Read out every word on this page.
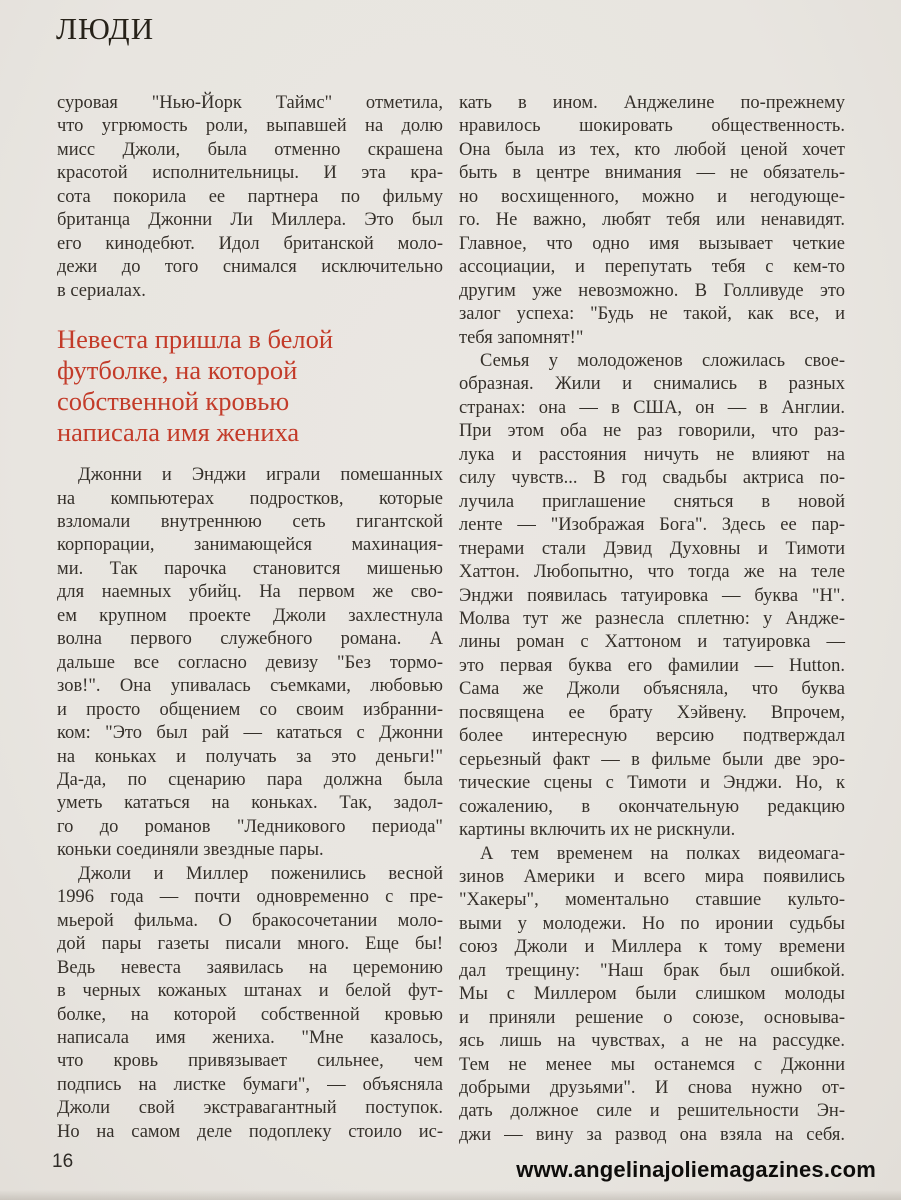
ЛЮДИ
суровая "Нью-Йорк Таймс" отметила,
что угрюмость роли, выпавшей на долю
мисс Джоли, была отменно скрашена
красотой исполнительницы. И эта кра-
сота покорила ее партнера по фильму
британца Джонни Ли Миллера. Это был
его кинодебют. Идол британской моло-
дежи до того снимался исключительно
в сериалах.
Невеста пришла в белой
футболке, на которой
собственной кровью
написала имя жениха
Джонни и Энджи играли помешанных
на компьютерах подростков, которые
взломали внутреннюю сеть гигантской
корпорации, занимающейся махинация-
ми. Так парочка становится мишенью
для наемных убийц. На первом же сво-
ем крупном проекте Джоли захлестнула
волна первого служебного романа. А
дальше все согласно девизу "Без тормо-
зов!". Она упивалась съемками, любовью
и просто общением со своим избранни-
ком: "Это был рай — кататься с Джонни
на коньках и получать за это деньги!"
Да-да, по сценарию пара должна была
уметь кататься на коньках. Так, задол-
го до романов "Ледникового периода"
коньки соединяли звездные пары.
Джоли и Миллер поженились весной
1996 года — почти одновременно с пре-
мьерой фильма. О бракосочетании моло-
дой пары газеты писали много. Еще бы!
Ведь невеста заявилась на церемонию
в черных кожаных штанах и белой фут-
болке, на которой собственной кровью
написала имя жениха. "Мне казалось,
что кровь привязывает сильнее, чем
подпись на листке бумаги", — объясняла
Джоли свой экстравагантный поступок.
Но на самом деле подоплеку стоило ис-
кать в ином. Анджелине по-прежнему
нравилось шокировать общественность.
Она была из тех, кто любой ценой хочет
быть в центре внимания — не обязатель-
но восхищенного, можно и негодующе-
го. Не важно, любят тебя или ненавидят.
Главное, что одно имя вызывает четкие
ассоциации, и перепутать тебя с кем-то
другим уже невозможно. В Голливуде это
залог успеха: "Будь не такой, как все, и
тебя запомнят!"
Семья у молодоженов сложилась свое-
образная. Жили и снимались в разных
странах: она — в США, он — в Англии.
При этом оба не раз говорили, что раз-
лука и расстояния ничуть не влияют на
силу чувств... В год свадьбы актриса по-
лучила приглашение сняться в новой
ленте — "Изображая Бога". Здесь ее пар-
тнерами стали Дэвид Духовны и Тимоти
Хаттон. Любопытно, что тогда же на теле
Энджи появилась татуировка — буква "Н".
Молва тут же разнесла сплетню: у Андже-
лины роман с Хаттоном и татуировка —
это первая буква его фамилии — Hutton.
Сама же Джоли объясняла, что буква
посвящена ее брату Хэйвену. Впрочем,
более интересную версию подтверждал
серьезный факт — в фильме были две эро-
тические сцены с Тимоти и Энджи. Но, к
сожалению, в окончательную редакцию
картины включить их не рискнули.
А тем временем на полках видеомага-
зинов Америки и всего мира появились
"Хакеры", моментально ставшие культо-
выми у молодежи. Но по иронии судьбы
союз Джоли и Миллера к тому времени
дал трещину: "Наш брак был ошибкой.
Мы с Миллером были слишком молоды
и приняли решение о союзе, основыва-
ясь лишь на чувствах, а не на рассудке.
Тем не менее мы останемся с Джонни
добрыми друзьями". И снова нужно от-
дать должное силе и решительности Эн-
джи — вину за развод она взяла на себя.
16	www.angelinajoliemagazines.com
